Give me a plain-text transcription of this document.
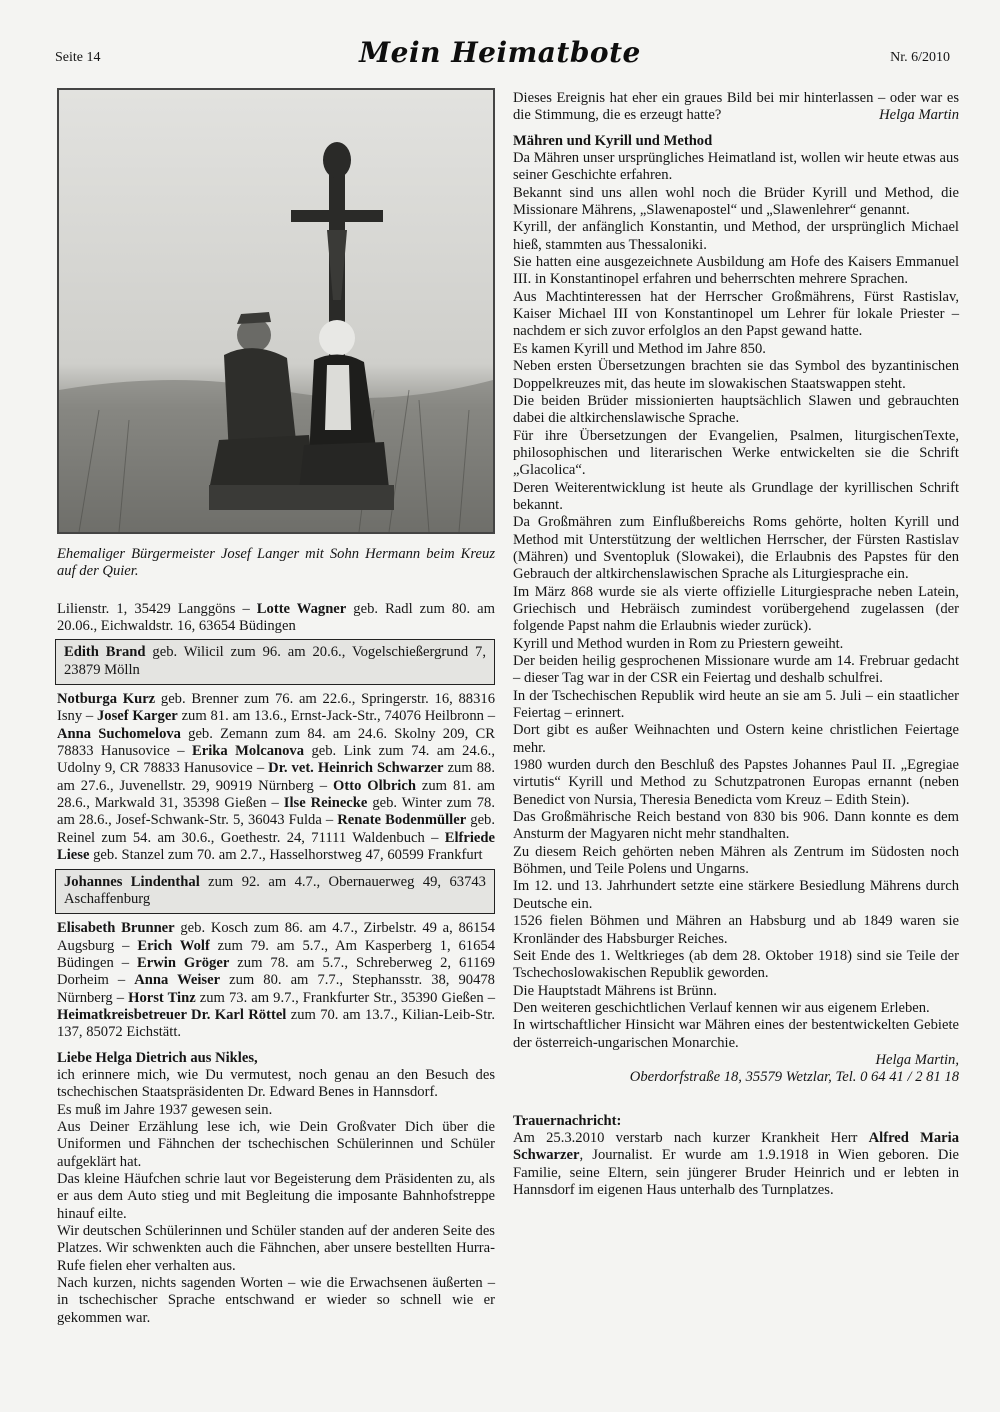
Seite 14	Mein Heimatbote	Nr. 6/2010

Ehemaliger Bürgermeister Josef Langer mit Sohn Hermann beim Kreuz auf der Quier.

Lilienstr. 1, 35429 Langgöns – Lotte Wagner geb. Radl zum 80. am 20.06., Eichwaldstr. 16, 63654 Büdingen

Edith Brand geb. Wilicil zum 96. am 20.6., Vogelschießergrund 7, 23879 Mölln

Notburga Kurz geb. Brenner zum 76. am 22.6., Springerstr. 16, 88316 Isny – Josef Karger zum 81. am 13.6., Ernst-Jack-Str., 74076 Heilbronn – Anna Suchomelova geb. Zemann zum 84. am 24.6. Skolny 209, CR 78833 Hanusovice – Erika Molcanova geb. Link zum 74. am 24.6., Udolny 9, CR 78833 Hanusovice – Dr. vet. Heinrich Schwarzer zum 88. am 27.6., Juvenellstr. 29, 90919 Nürnberg – Otto Olbrich zum 81. am 28.6., Markwald 31, 35398 Gießen – Ilse Reinecke geb. Winter zum 78. am 28.6., Josef-Schwank-Str. 5, 36043 Fulda – Renate Bodenmüller geb. Reinel zum 54. am 30.6., Goethestr. 24, 71111 Waldenbuch – Elfriede Liese geb. Stanzel zum 70. am 2.7., Hasselhorstweg 47, 60599 Frankfurt

Johannes Lindenthal zum 92. am 4.7., Obernauerweg 49, 63743 Aschaffenburg

Elisabeth Brunner geb. Kosch zum 86. am 4.7., Zirbelstr. 49 a, 86154 Augsburg – Erich Wolf zum 79. am 5.7., Am Kasperberg 1, 61654 Büdingen – Erwin Gröger zum 78. am 5.7., Schreberweg 2, 61169 Dorheim – Anna Weiser zum 80. am 7.7., Stephansstr. 38, 90478 Nürnberg – Horst Tinz zum 73. am 9.7., Frankfurter Str., 35390 Gießen – Heimatkreisbetreuer Dr. Karl Röttel zum 70. am 13.7., Kilian-Leib-Str. 137, 85072 Eichstätt.

Liebe Helga Dietrich aus Nikles,

ich erinnere mich, wie Du vermutest, noch genau an den Besuch des tschechischen Staatspräsidenten Dr. Edward Benes in Hannsdorf.

Es muß im Jahre 1937 gewesen sein.

Aus Deiner Erzählung lese ich, wie Dein Großvater Dich über die Uniformen und Fähnchen der tschechischen Schülerinnen und Schüler aufgeklärt hat.

Das kleine Häufchen schrie laut vor Begeisterung dem Präsidenten zu, als er aus dem Auto stieg und mit Begleitung die imposante Bahnhofstreppe hinauf eilte.

Wir deutschen Schülerinnen und Schüler standen auf der anderen Seite des Platzes. Wir schwenkten auch die Fähnchen, aber unsere bestellten Hurra-Rufe fielen eher verhalten aus.

Nach kurzen, nichts sagenden Worten – wie die Erwachsenen äußerten – in tschechischer Sprache entschwand er wieder so schnell wie er gekommen war.

Dieses Ereignis hat eher ein graues Bild bei mir hinterlassen – oder war es die Stimmung, die es erzeugt hatte?	Helga Martin

Mähren und Kyrill und Method

Da Mähren unser ursprüngliches Heimatland ist, wollen wir heute etwas aus seiner Geschichte erfahren.

Bekannt sind uns allen wohl noch die Brüder Kyrill und Method, die Missionare Mährens, „Slawenapostel“ und „Slawenlehrer“ genannt.

Kyrill, der anfänglich Konstantin, und Method, der ursprünglich Michael hieß, stammten aus Thessaloniki.

Sie hatten eine ausgezeichnete Ausbildung am Hofe des Kaisers Emmanuel III. in Konstantinopel erfahren und beherrschten mehrere Sprachen.

Aus Machtinteressen hat der Herrscher Großmährens, Fürst Rastislav, Kaiser Michael III von Konstantinopel um Lehrer für lokale Priester – nachdem er sich zuvor erfolglos an den Papst gewand hatte.

Es kamen Kyrill und Method im Jahre 850.

Neben ersten Übersetzungen brachten sie das Symbol des byzantinischen Doppelkreuzes mit, das heute im slowakischen Staatswappen steht.

Die beiden Brüder missionierten hauptsächlich Slawen und gebrauchten dabei die altkirchenslawische Sprache.

Für ihre Übersetzungen der Evangelien, Psalmen, liturgischenTexte, philosophischen und literarischen Werke entwickelten sie die Schrift „Glacolica“.

Deren Weiterentwicklung ist heute als Grundlage der kyrillischen Schrift bekannt.

Da Großmähren zum Einflußbereichs Roms gehörte, holten Kyrill und Method mit Unterstützung der weltlichen Herrscher, der Fürsten Rastislav (Mähren) und Sventopluk (Slowakei), die Erlaubnis des Papstes für den Gebrauch der altkirchenslawischen Sprache als Liturgiesprache ein.

Im März 868 wurde sie als vierte offizielle Liturgiesprache neben Latein, Griechisch und Hebräisch zumindest vorübergehend zugelassen (der folgende Papst nahm die Erlaubnis wieder zurück).

Kyrill und Method wurden in Rom zu Priestern geweiht.

Der beiden heilig gesprochenen Missionare wurde am 14. Frebruar gedacht – dieser Tag war in der CSR ein Feiertag und deshalb schulfrei.

In der Tschechischen Republik wird heute an sie am 5. Juli – ein staatlicher Feiertag – erinnert.

Dort gibt es außer Weihnachten und Ostern keine christlichen Feiertage mehr.

1980 wurden durch den Beschluß des Papstes Johannes Paul II. „Egregiae virtutis“ Kyrill und Method zu Schutzpatronen Europas ernannt (neben Benedict von Nursia, Theresia Benedicta vom Kreuz – Edith Stein).

Das Großmährische Reich bestand von 830 bis 906. Dann konnte es dem Ansturm der Magyaren nicht mehr standhalten.

Zu diesem Reich gehörten neben Mähren als Zentrum im Südosten noch Böhmen, und Teile Polens und Ungarns.

Im 12. und 13. Jahrhundert setzte eine stärkere Besiedlung Mährens durch Deutsche ein.

1526 fielen Böhmen und Mähren an Habsburg und ab 1849 waren sie Kronländer des Habsburger Reiches.

Seit Ende des 1. Weltkrieges (ab dem 28. Oktober 1918) sind sie Teile der Tschechoslowakischen Republik geworden.

Die Hauptstadt Mährens ist Brünn.

Den weiteren geschichtlichen Verlauf kennen wir aus eigenem Erleben.

In wirtschaftlicher Hinsicht war Mähren eines der bestentwickelten Gebiete der österreich-ungarischen Monarchie.

Helga Martin,

Oberdorfstraße 18, 35579 Wetzlar, Tel. 0 64 41 / 2 81 18

Trauernachricht:

Am 25.3.2010 verstarb nach kurzer Krankheit Herr Alfred Maria Schwarzer, Journalist. Er wurde am 1.9.1918 in Wien geboren. Die Familie, seine Eltern, sein jüngerer Bruder Heinrich und er lebten in Hannsdorf im eigenen Haus unterhalb des Turnplatzes.
